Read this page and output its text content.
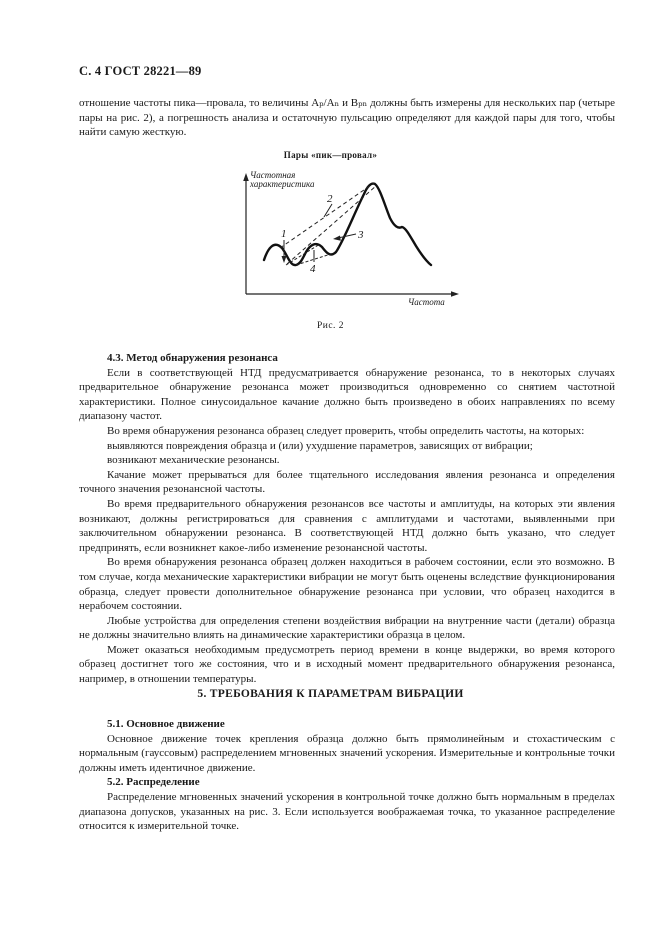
С. 4 ГОСТ 28221—89

отношение частоты пика—провала, то величины Aₚ/Aₙ и Bₚₙ должны быть измерены для нескольких пар (четыре пары на рис. 2), а погрешность анализа и остаточную пульсацию определяют для каждой пары для того, чтобы найти самую жесткую.

Пары «пик—провал»
Частотная
характеристика
Частота
1
2
3
4
Рис. 2

4.3. Метод обнаружения резонанса

Если в соответствующей НТД предусматривается обнаружение резонанса, то в некоторых случаях предварительное обнаружение резонанса может производиться одновременно со снятием частотной характеристики. Полное синусоидальное качание должно быть произведено в обоих направлениях по всему диапазону частот.

Во время обнаружения резонанса образец следует проверить, чтобы определить частоты, на которых:

выявляются повреждения образца и (или) ухудшение параметров, зависящих от вибрации;

возникают механические резонансы.

Качание может прерываться для более тщательного исследования явления резонанса и определения точного значения резонансной частоты.

Во время предварительного обнаружения резонансов все частоты и амплитуды, на которых эти явления возникают, должны регистрироваться для сравнения с амплитудами и частотами, выявленными при заключительном обнаружении резонанса. В соответствующей НТД должно быть указано, что следует предпринять, если возникнет какое-либо изменение резонансной частоты.

Во время обнаружения резонанса образец должен находиться в рабочем состоянии, если это возможно. В том случае, когда механические характеристики вибрации не могут быть оценены вследствие функционирования образца, следует провести дополнительное обнаружение резонанса при условии, что образец находится в нерабочем состоянии.

Любые устройства для определения степени воздействия вибрации на внутренние части (детали) образца не должны значительно влиять на динамические характеристики образца в целом.

Может оказаться необходимым предусмотреть период времени в конце выдержки, во время которого образец достигнет того же состояния, что и в исходный момент предварительного обнаружения резонанса, например, в отношении температуры.

5. ТРЕБОВАНИЯ К ПАРАМЕТРАМ ВИБРАЦИИ

5.1. Основное движение

Основное движение точек крепления образца должно быть прямолинейным и стохастическим с нормальным (гауссовым) распределением мгновенных значений ускорения. Измерительные и контрольные точки должны иметь идентичное движение.

5.2. Распределение

Распределение мгновенных значений ускорения в контрольной точке должно быть нормальным в пределах диапазона допусков, указанных на рис. 3. Если используется воображаемая точка, то указанное распределение относится к измерительной точке.
